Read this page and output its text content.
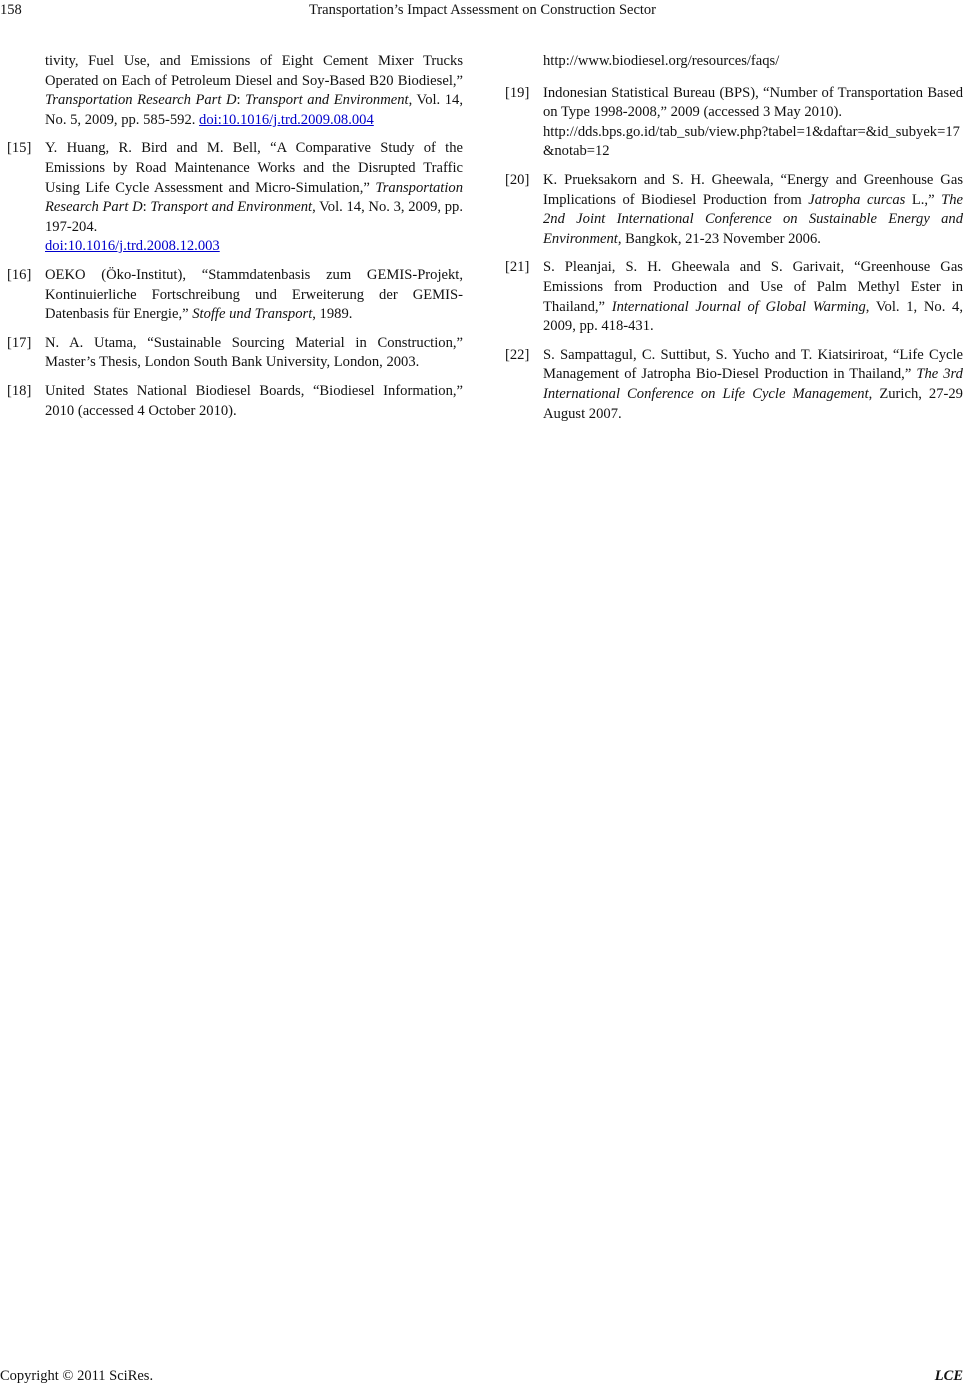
158	Transportation’s Impact Assessment on Construction Sector
tivity, Fuel Use, and Emissions of Eight Cement Mixer Trucks Operated on Each of Petroleum Diesel and Soy-Based B20 Biodiesel,” Transportation Research Part D: Transport and Environment, Vol. 14, No. 5, 2009, pp. 585-592. doi:10.1016/j.trd.2009.08.004
[15] Y. Huang, R. Bird and M. Bell, “A Comparative Study of the Emissions by Road Maintenance Works and the Disrupted Traffic Using Life Cycle Assessment and Micro-Simulation,” Transportation Research Part D: Transport and Environment, Vol. 14, No. 3, 2009, pp. 197-204.
doi:10.1016/j.trd.2008.12.003
[16] OEKO (Öko-Institut), “Stammdatenbasis zum GEMIS-Projekt, Kontinuierliche Fortschreibung und Erweiterung der GEMIS-Datenbasis für Energie,” Stoffe und Transport, 1989.
[17] N. A. Utama, “Sustainable Sourcing Material in Construction,” Master’s Thesis, London South Bank University, London, 2003.
[18] United States National Biodiesel Boards, “Biodiesel Information,” 2010 (accessed 4 October 2010).
http://www.biodiesel.org/resources/faqs/
[19] Indonesian Statistical Bureau (BPS), “Number of Transportation Based on Type 1998-2008,” 2009 (accessed 3 May 2010).
http://dds.bps.go.id/tab_sub/view.php?tabel=1&daftar=&id_subyek=17&notab=12
[20] K. Prueksakorn and S. H. Gheewala, “Energy and Greenhouse Gas Implications of Biodiesel Production from Jatropha curcas L.,” The 2nd Joint International Conference on Sustainable Energy and Environment, Bangkok, 21-23 November 2006.
[21] S. Pleanjai, S. H. Gheewala and S. Garivait, “Greenhouse Gas Emissions from Production and Use of Palm Methyl Ester in Thailand,” International Journal of Global Warming, Vol. 1, No. 4, 2009, pp. 418-431.
[22] S. Sampattagul, C. Suttibut, S. Yucho and T. Kiatsiriroat, “Life Cycle Management of Jatropha Bio-Diesel Production in Thailand,” The 3rd International Conference on Life Cycle Management, Zurich, 27-29 August 2007.
Copyright © 2011 SciRes.	LCE
